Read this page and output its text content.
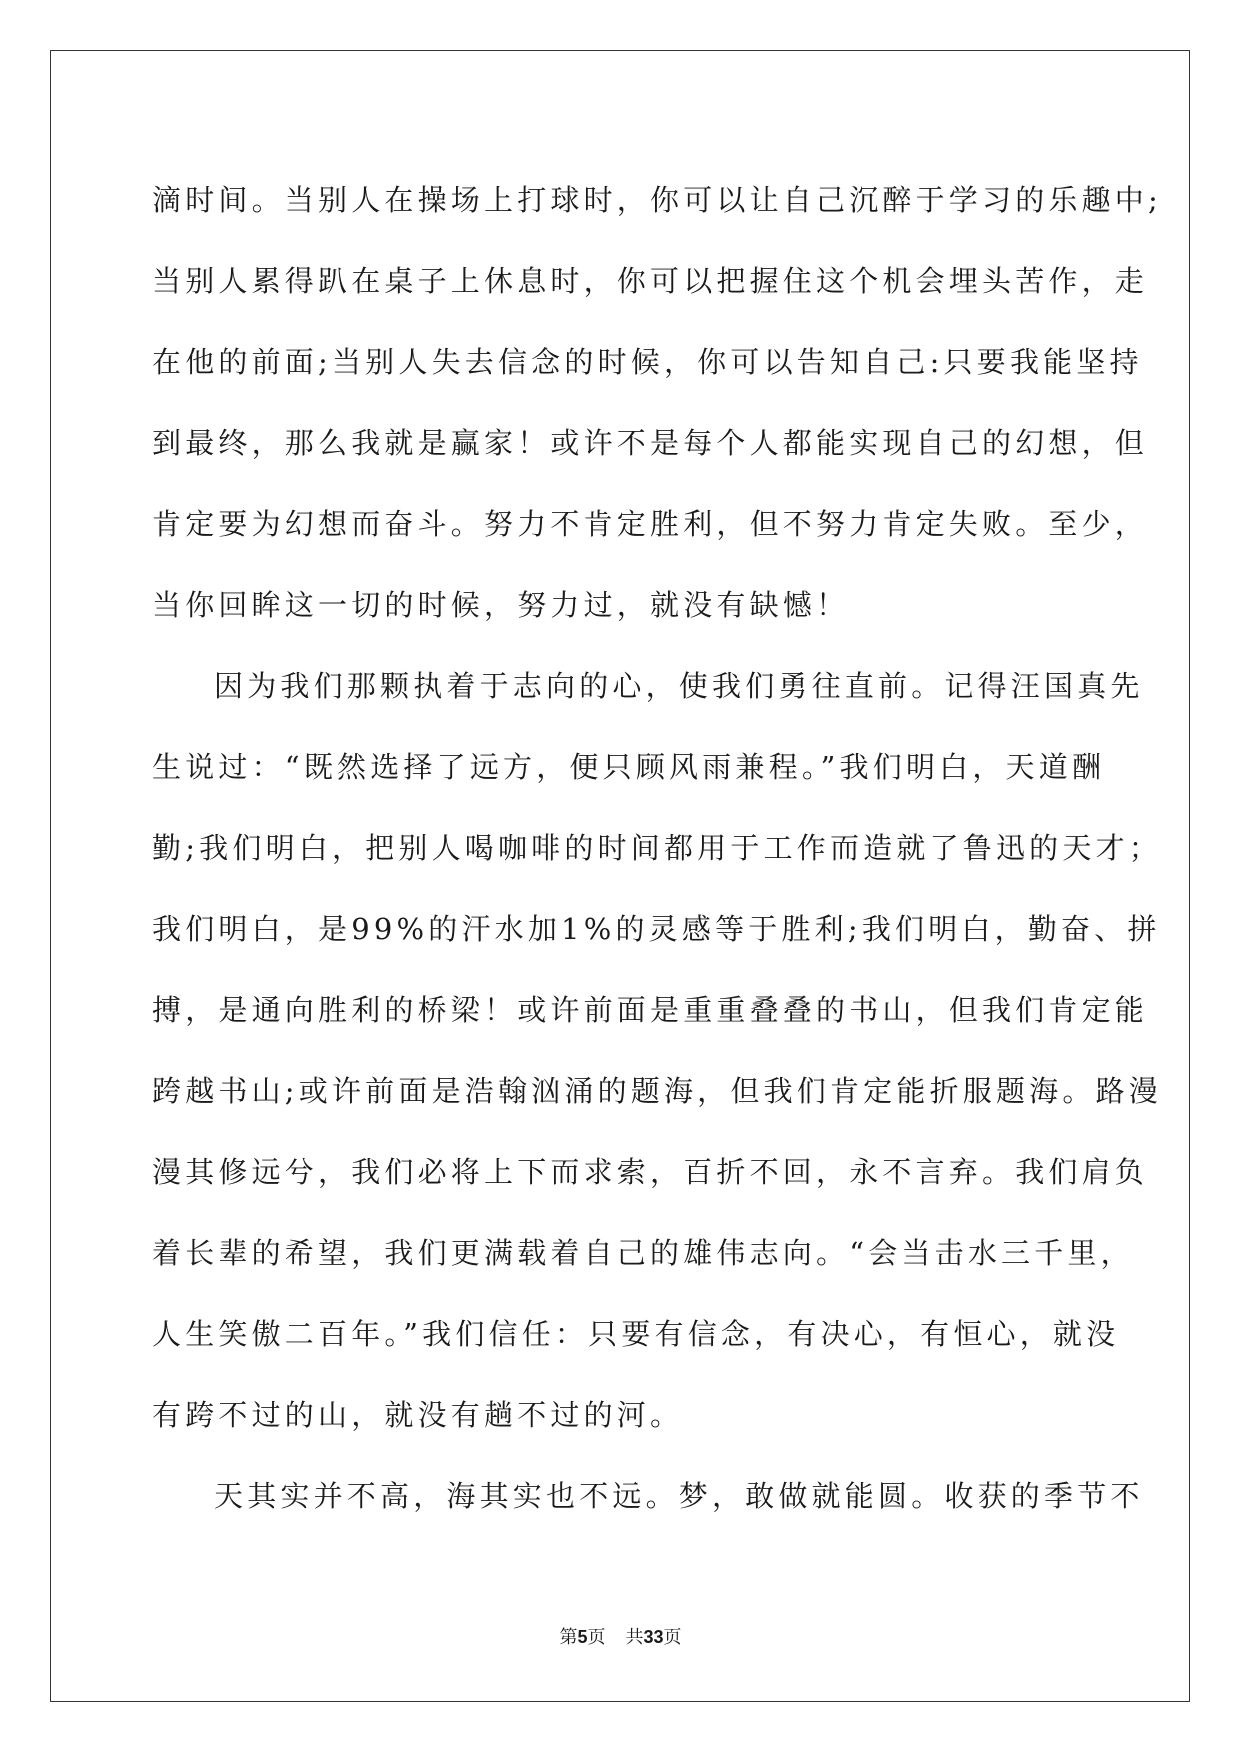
滴时间。当别人在操场上打球时，你可以让自己沉醉于学习的乐趣中;
当别人累得趴在桌子上休息时，你可以把握住这个机会埋头苦作，走
在他的前面;当别人失去信念的时候，你可以告知自己:只要我能坚持
到最终，那么我就是赢家！或许不是每个人都能实现自己的幻想，但
肯定要为幻想而奋斗。努力不肯定胜利，但不努力肯定失败。至少，
当你回眸这一切的时候，努力过，就没有缺憾！
因为我们那颗执着于志向的心，使我们勇往直前。记得汪国真先
生说过：“既然选择了远方，便只顾风雨兼程。”我们明白，天道酬
勤;我们明白，把别人喝咖啡的时间都用于工作而造就了鲁迅的天才；
我们明白，是99%的汗水加1%的灵感等于胜利;我们明白，勤奋、拼
搏，是通向胜利的桥梁！或许前面是重重叠叠的书山，但我们肯定能
跨越书山;或许前面是浩翰汹涌的题海，但我们肯定能折服题海。路漫
漫其修远兮，我们必将上下而求索，百折不回，永不言弃。我们肩负
着长辈的希望，我们更满载着自己的雄伟志向。“会当击水三千里，
人生笑傲二百年。”我们信任：只要有信念，有决心，有恒心，就没
有跨不过的山，就没有趟不过的河。
天其实并不高，海其实也不远。梦，敢做就能圆。收获的季节不
第5页 共33页
